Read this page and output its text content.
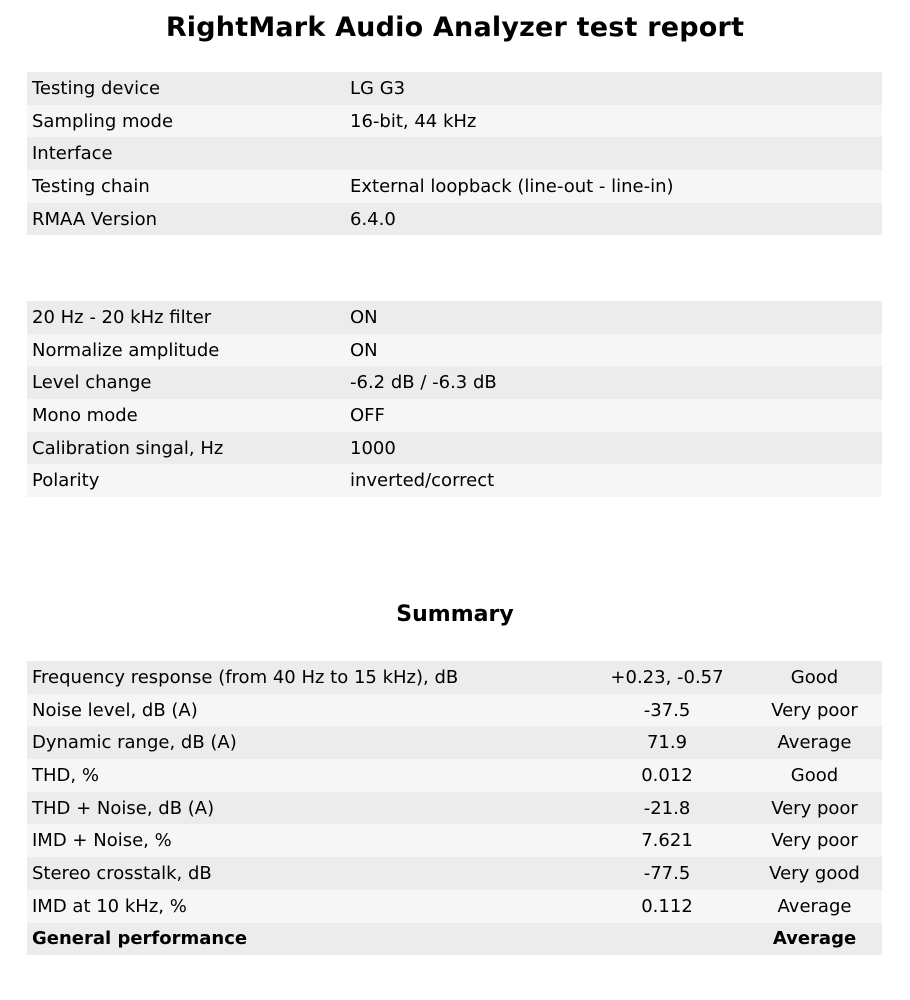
RightMark Audio Analyzer test report
Testing device	LG G3
Sampling mode	16-bit, 44 kHz
Interface	
Testing chain	External loopback (line-out - line-in)
RMAA Version	6.4.0
20 Hz - 20 kHz filter	ON
Normalize amplitude	ON
Level change	-6.2 dB / -6.3 dB
Mono mode	OFF
Calibration singal, Hz	1000
Polarity	inverted/correct
Summary
Frequency response (from 40 Hz to 15 kHz), dB	+0.23, -0.57	Good
Noise level, dB (A)	-37.5	Very poor
Dynamic range, dB (A)	71.9	Average
THD, %	0.012	Good
THD + Noise, dB (A)	-21.8	Very poor
IMD + Noise, %	7.621	Very poor
Stereo crosstalk, dB	-77.5	Very good
IMD at 10 kHz, %	0.112	Average
General performance		Average
